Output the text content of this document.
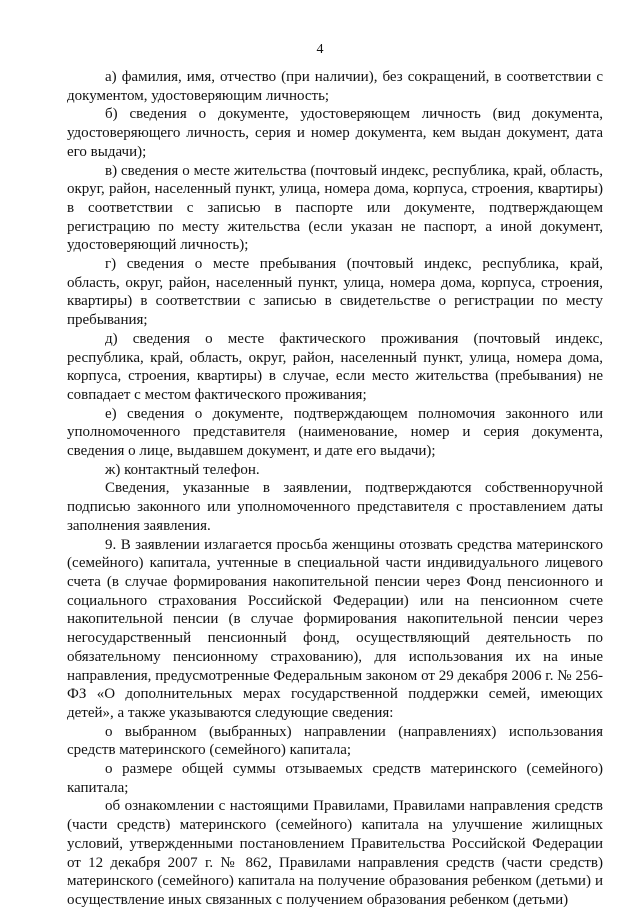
4

а) фамилия, имя, отчество (при наличии), без сокращений, в соответствии с документом, удостоверяющим личность;

б) сведения о документе, удостоверяющем личность (вид документа, удостоверяющего личность, серия и номер документа, кем выдан документ, дата его выдачи);

в) сведения о месте жительства (почтовый индекс, республика, край, область, округ, район, населенный пункт, улица, номера дома, корпуса, строения, квартиры) в соответствии с записью в паспорте или документе, подтверждающем регистрацию по месту жительства (если указан не паспорт, а иной документ, удостоверяющий личность);

г) сведения о месте пребывания (почтовый индекс, республика, край, область, округ, район, населенный пункт, улица, номера дома, корпуса, строения, квартиры) в соответствии с записью в свидетельстве о регистрации по месту пребывания;

д) сведения о месте фактического проживания (почтовый индекс, республика, край, область, округ, район, населенный пункт, улица, номера дома, корпуса, строения, квартиры) в случае, если место жительства (пребывания) не совпадает с местом фактического проживания;

е) сведения о документе, подтверждающем полномочия законного или уполномоченного представителя (наименование, номер и серия документа, сведения о лице, выдавшем документ, и дате его выдачи);

ж) контактный телефон.

Сведения, указанные в заявлении, подтверждаются собственноручной подписью законного или уполномоченного представителя с проставлением даты заполнения заявления.

9. В заявлении излагается просьба женщины отозвать средства материнского (семейного) капитала, учтенные в специальной части индивидуального лицевого счета (в случае формирования накопительной пенсии через Фонд пенсионного и социального страхования Российской Федерации) или на пенсионном счете накопительной пенсии (в случае формирования накопительной пенсии через негосударственный пенсионный фонд, осуществляющий деятельность по обязательному пенсионному страхованию), для использования их на иные направления, предусмотренные Федеральным законом от 29 декабря 2006 г. № 256-ФЗ «О дополнительных мерах государственной поддержки семей, имеющих детей», а также указываются следующие сведения:

о выбранном (выбранных) направлении (направлениях) использования средств материнского (семейного) капитала;

о размере общей суммы отзываемых средств материнского (семейного) капитала;

об ознакомлении с настоящими Правилами, Правилами направления средств (части средств) материнского (семейного) капитала на улучшение жилищных условий, утвержденными постановлением Правительства Российской Федерации от 12 декабря 2007 г. № 862, Правилами направления средств (части средств) материнского (семейного) капитала на получение образования ребенком (детьми) и осуществление иных связанных с получением образования ребенком (детьми)
